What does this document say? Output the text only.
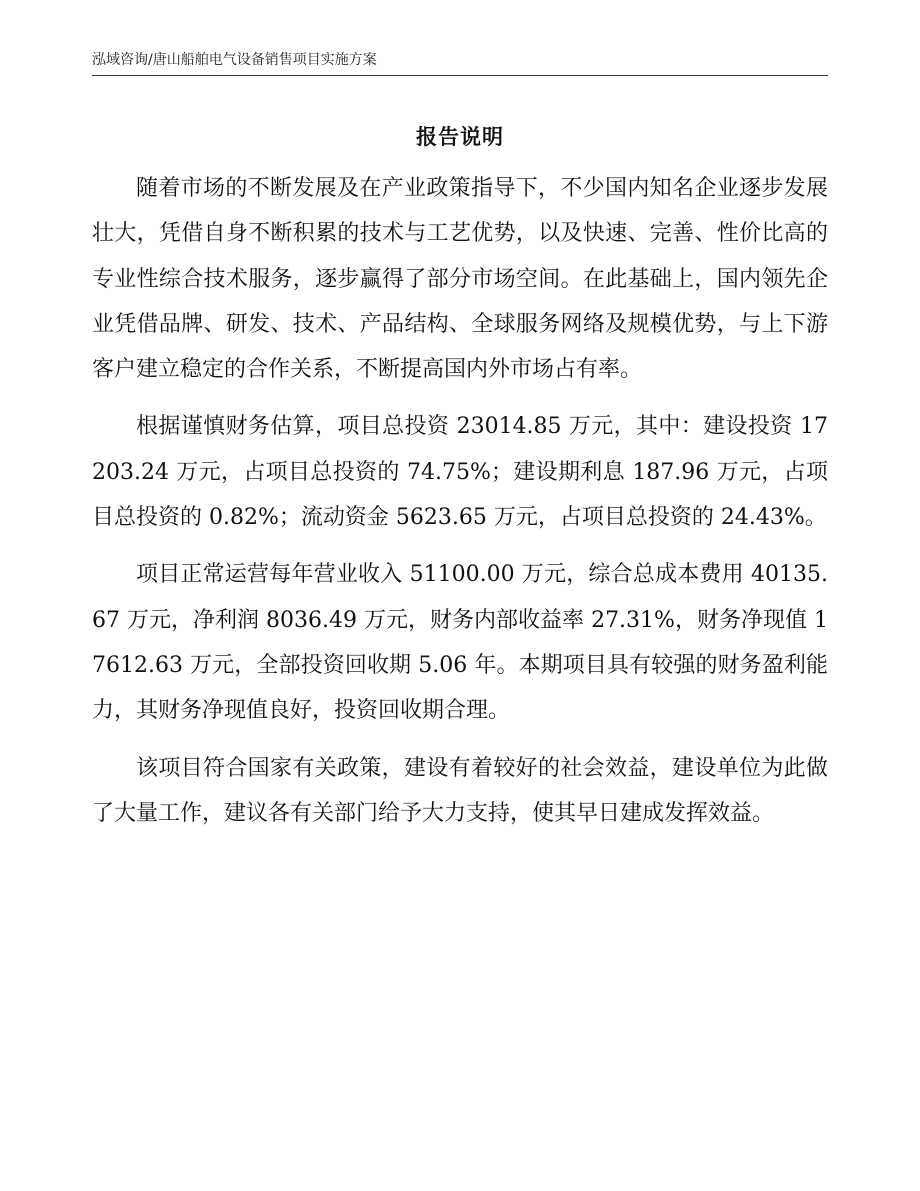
泓域咨询/唐山船舶电气设备销售项目实施方案
报告说明

随着市场的不断发展及在产业政策指导下，不少国内知名企业逐步发展壮大，凭借自身不断积累的技术与工艺优势，以及快速、完善、性价比高的专业性综合技术服务，逐步赢得了部分市场空间。在此基础上，国内领先企业凭借品牌、研发、技术、产品结构、全球服务网络及规模优势，与上下游客户建立稳定的合作关系，不断提高国内外市场占有率。

根据谨慎财务估算，项目总投资 23014.85 万元，其中：建设投资 17203.24 万元，占项目总投资的 74.75%；建设期利息 187.96 万元，占项目总投资的 0.82%；流动资金 5623.65 万元，占项目总投资的 24.43%。

项目正常运营每年营业收入 51100.00 万元，综合总成本费用 40135.67 万元，净利润 8036.49 万元，财务内部收益率 27.31%，财务净现值 17612.63 万元，全部投资回收期 5.06 年。本期项目具有较强的财务盈利能力，其财务净现值良好，投资回收期合理。

该项目符合国家有关政策，建设有着较好的社会效益，建设单位为此做了大量工作，建议各有关部门给予大力支持，使其早日建成发挥效益。
